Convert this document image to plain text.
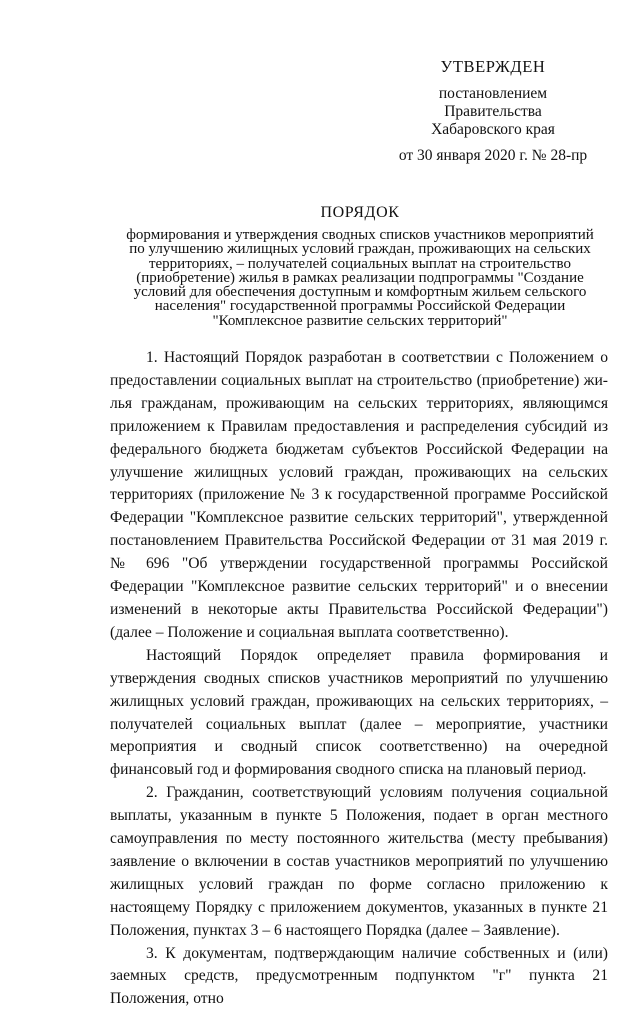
УТВЕРЖДЕН
постановлением
Правительства
Хабаровского края
от 30 января 2020 г. № 28-пр
ПОРЯДОК
формирования и утверждения сводных списков участников мероприятий
по улучшению жилищных условий граждан, проживающих на сельских
территориях, – получателей социальных выплат на строительство
(приобретение) жилья в рамках реализации подпрограммы "Создание
условий для обеспечения доступным и комфортным жильем сельского
населения" государственной программы Российской Федерации
"Комплексное развитие сельских территорий"

1. Настоящий Порядок разработан в соответствии с Положением о предоставлении социальных выплат на строительство (приобретение) жилья гражданам, проживающим на сельских территориях, являющимся приложением к Правилам предоставления и распределения субсидий из федерального бюджета бюджетам субъектов Российской Федерации на улучшение жилищных условий граждан, проживающих на сельских территориях (приложение № 3 к государственной программе Российской Федерации "Комплексное развитие сельских территорий", утвержденной постановлением Правительства Российской Федерации от 31 мая 2019 г. № 696 "Об утверждении государственной программы Российской Федерации "Комплексное развитие сельских территорий" и о внесении изменений в некоторые акты Правительства Российской Федерации") (далее – Положение и социальная выплата соответственно).

Настоящий Порядок определяет правила формирования и утверждения сводных списков участников мероприятий по улучшению жилищных условий граждан, проживающих на сельских территориях, – получателей социальных выплат (далее – мероприятие, участники мероприятия и сводный список соответственно) на очередной финансовый год и формирования сводного списка на плановый период.

2. Гражданин, соответствующий условиям получения социальной выплаты, указанным в пункте 5 Положения, подает в орган местного самоуправления по месту постоянного жительства (месту пребывания) заявление о включении в состав участников мероприятий по улучшению жилищных условий граждан по форме согласно приложению к настоящему Порядку с приложением документов, указанных в пункте 21 Положения, пунктах 3 – 6 настоящего Порядка (далее – Заявление).

3. К документам, подтверждающим наличие собственных и (или) заемных средств, предусмотренным подпунктом "г" пункта 21 Положения, отно
